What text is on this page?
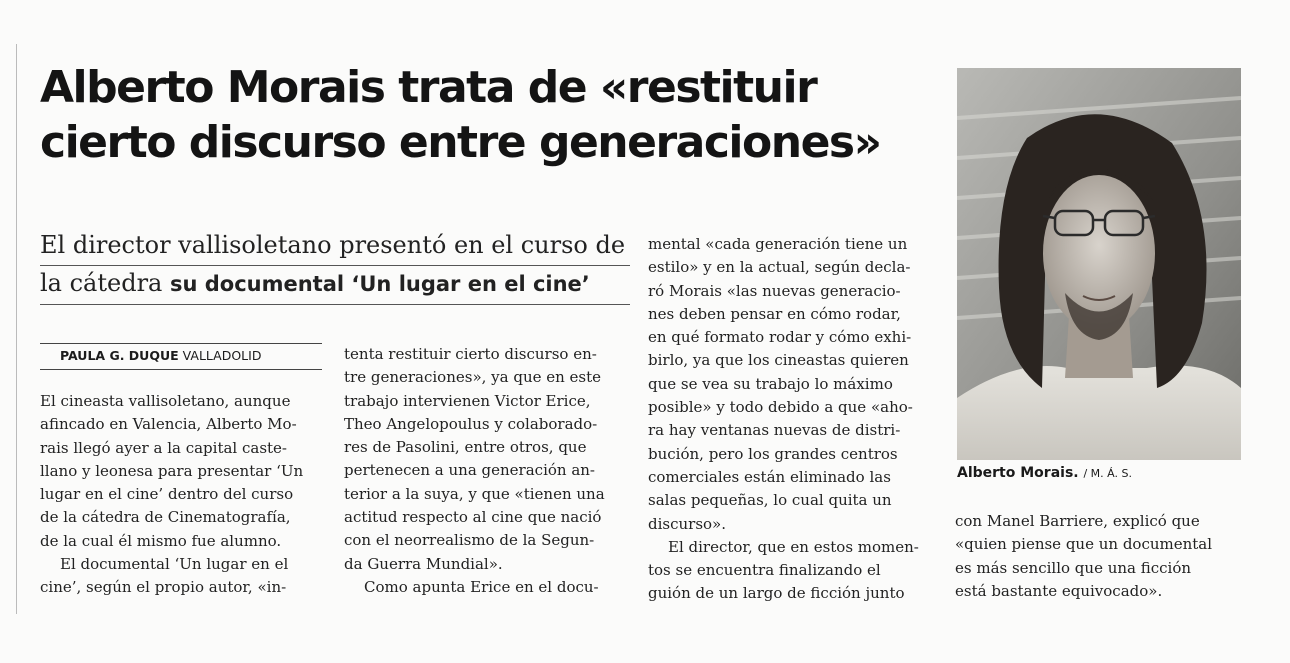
Alberto Morais trata de «restituir
cierto discurso entre generaciones»
El director vallisoletano presentó en el curso de
la cátedra su documental ‘Un lugar en el cine’
PAULA G. DUQUE VALLADOLID
El cineasta vallisoletano, aunque
afincado en Valencia, Alberto Mo-
rais llegó ayer a la capital caste-
llano y leonesa para presentar ‘Un
lugar en el cine’ dentro del curso
de la cátedra de Cinematografía,
de la cual él mismo fue alumno.
El documental ‘Un lugar en el
cine’, según el propio autor, «in-
tenta restituir cierto discurso en-
tre generaciones», ya que en este
trabajo intervienen Victor Erice,
Theo Angelopoulus y colaborado-
res de Pasolini, entre otros, que
pertenecen a una generación an-
terior a la suya, y que «tienen una
actitud respecto al cine que nació
con el neorrealismo de la Segun-
da Guerra Mundial».
Como apunta Erice en el docu-
mental «cada generación tiene un
estilo» y en la actual, según decla-
ró Morais «las nuevas generacio-
nes deben pensar en cómo rodar,
en qué formato rodar y cómo exhi-
birlo, ya que los cineastas quieren
que se vea su trabajo lo máximo
posible» y todo debido a que «aho-
ra hay ventanas nuevas de distri-
bución, pero los grandes centros
comerciales están eliminado las
salas pequeñas, lo cual quita un
discurso».
El director, que en estos momen-
tos se encuentra finalizando el
guión de un largo de ficción junto
Alberto Morais. / M. Á. S.
con Manel Barriere, explicó que
«quien piense que un documental
es más sencillo que una ficción
está bastante equivocado».
